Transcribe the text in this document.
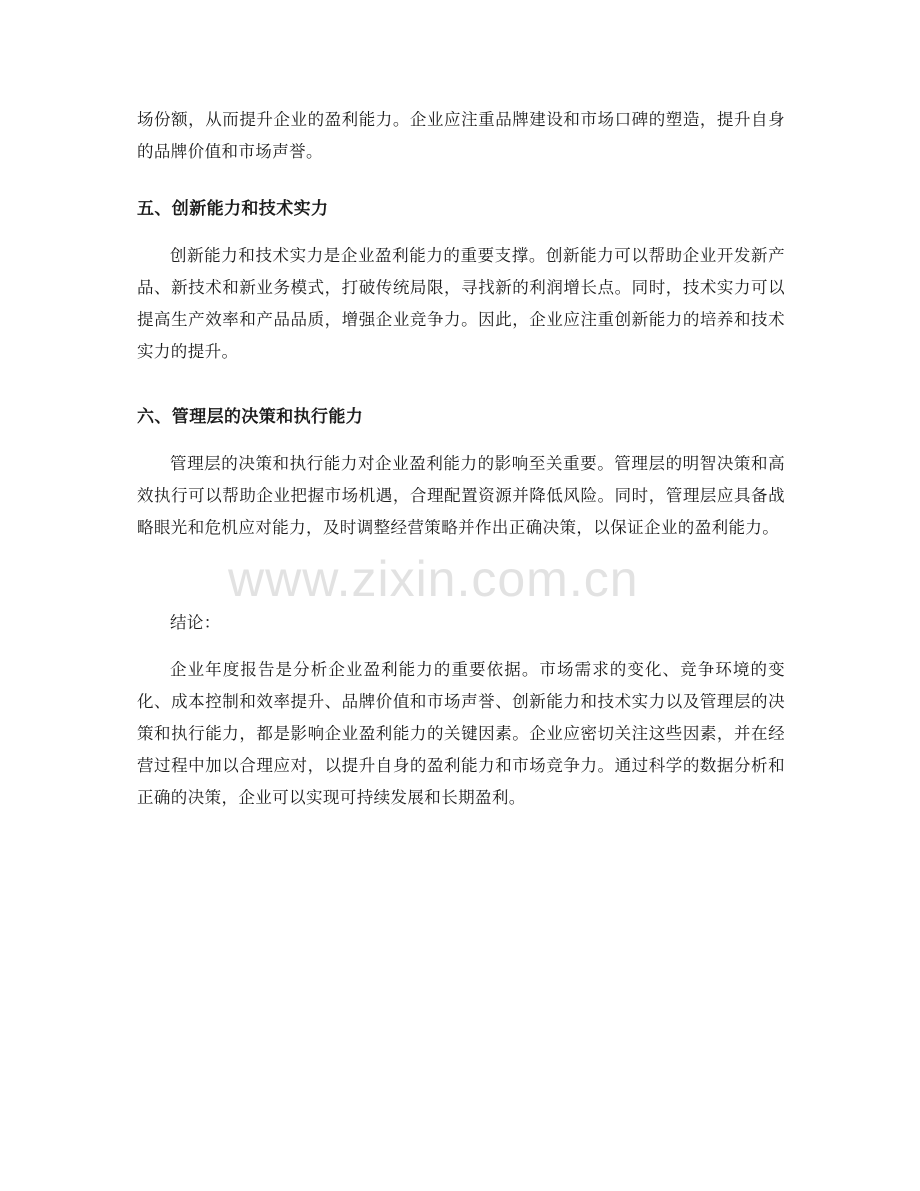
场份额，从而提升企业的盈利能力。企业应注重品牌建设和市场口碑的塑造，提升自身的品牌价值和市场声誉。

五、创新能力和技术实力

创新能力和技术实力是企业盈利能力的重要支撑。创新能力可以帮助企业开发新产品、新技术和新业务模式，打破传统局限，寻找新的利润增长点。同时，技术实力可以提高生产效率和产品品质，增强企业竞争力。因此，企业应注重创新能力的培养和技术实力的提升。

六、管理层的决策和执行能力

管理层的决策和执行能力对企业盈利能力的影响至关重要。管理层的明智决策和高效执行可以帮助企业把握市场机遇，合理配置资源并降低风险。同时，管理层应具备战略眼光和危机应对能力，及时调整经营策略并作出正确决策，以保证企业的盈利能力。

结论：

企业年度报告是分析企业盈利能力的重要依据。市场需求的变化、竞争环境的变化、成本控制和效率提升、品牌价值和市场声誉、创新能力和技术实力以及管理层的决策和执行能力，都是影响企业盈利能力的关键因素。企业应密切关注这些因素，并在经营过程中加以合理应对，以提升自身的盈利能力和市场竞争力。通过科学的数据分析和正确的决策，企业可以实现可持续发展和长期盈利。

www.zixin.com.cn
